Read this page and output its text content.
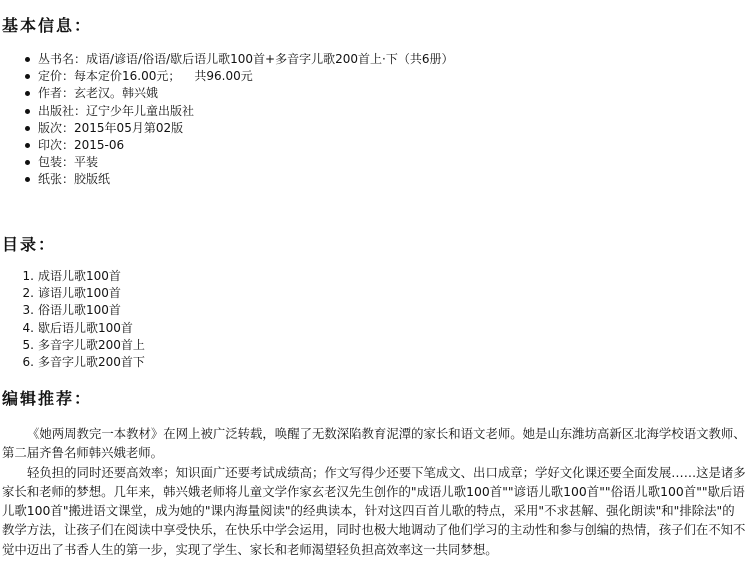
基本信息：
丛书名：成语/谚语/俗语/歇后语儿歌100首+多音字儿歌200首上·下（共6册）
定价：每本定价16.00元； 共96.00元
作者：玄老汉。韩兴娥
出版社：辽宁少年儿童出版社
版次：2015年05月第02版
印次：2015-06
包装：平装
纸张：胶版纸
目录：
1. 成语儿歌100首
2. 谚语儿歌100首
3. 俗语儿歌100首
4. 歇后语儿歌100首
5. 多音字儿歌200首上
6. 多音字儿歌200首下
编辑推荐：

《她两周教完一本教材》在网上被广泛转载，唤醒了无数深陷教育泥潭的家长和语文老师。她是山东潍坊高新区北海学校语文教师、第二届齐鲁名师韩兴娥老师。

轻负担的同时还要高效率；知识面广还要考试成绩高；作文写得少还要下笔成文、出口成章；学好文化课还要全面发展……这是诸多家长和老师的梦想。几年来，韩兴娥老师将儿童文学作家玄老汉先生创作的"成语儿歌100首""谚语儿歌100首""俗语儿歌100首""歇后语儿歌100首"搬进语文课堂，成为她的"课内海量阅读"的经典读本，针对这四百首儿歌的特点，采用"不求甚解、强化朗读"和"排除法"的教学方法，让孩子们在阅读中享受快乐，在快乐中学会运用，同时也极大地调动了他们学习的主动性和参与创编的热情，孩子们在不知不觉中迈出了书香人生的第一步，实现了学生、家长和老师渴望轻负担高效率这一共同梦想。
